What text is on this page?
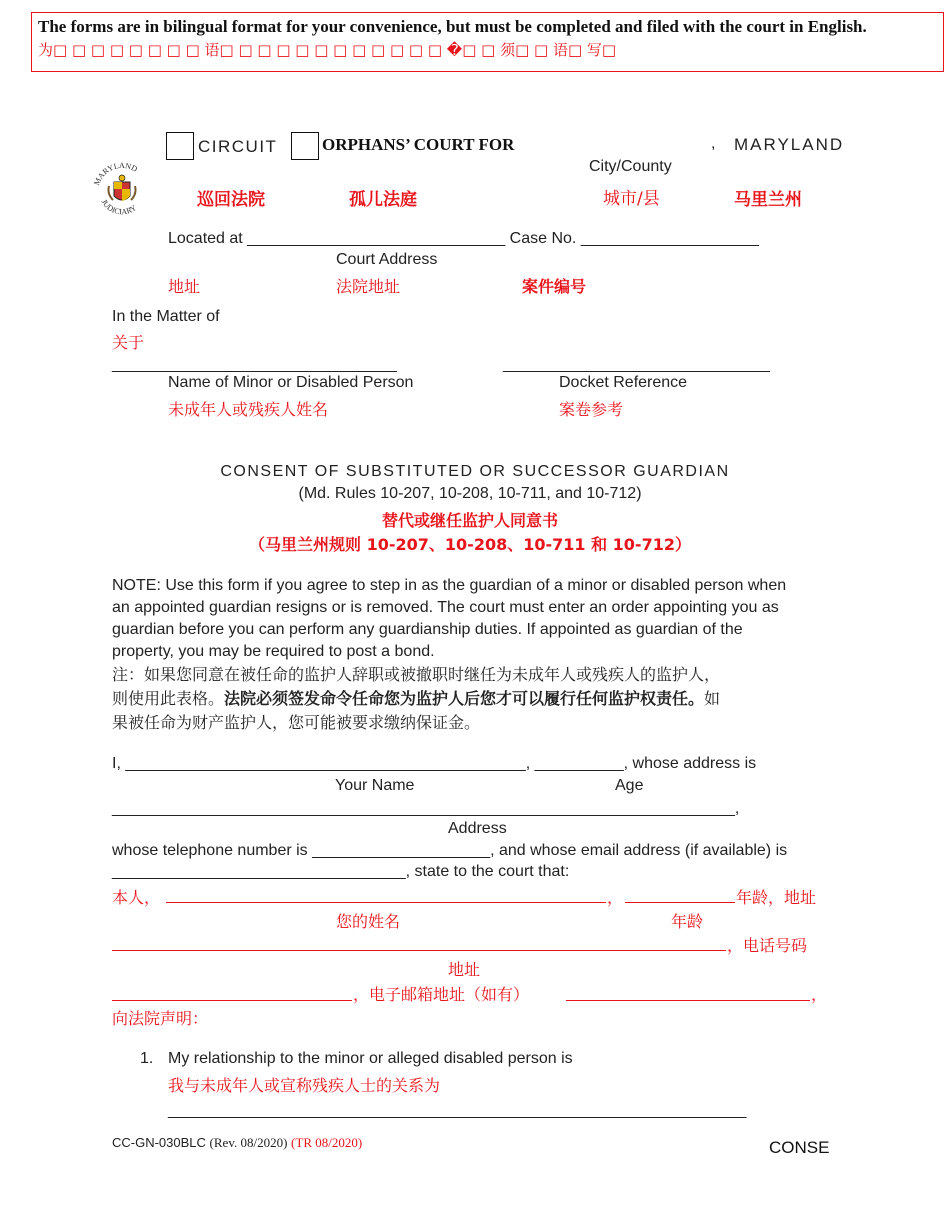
The forms are in bilingual format for your convenience, but must be completed and filed with the court in English.
为□ □ □ □ □ □ □ □ 语□ □ □ □ □ □ □ □ □ □ □ □ �□ □ 须□ □ 语□ 写□
MARYLAND
JUDICIARY
CIRCUIT	ORPHANS’ COURT FOR	, MARYLAND
City/County
巡回法院	孤儿法庭	城市/县	马里兰州
Located at _____________________________ Case No. ____________________
Court Address
地址	法院地址	案件编号
In the Matter of
关于
________________________________	______________________________
Name of Minor or Disabled Person	Docket Reference
未成年人或残疾人姓名	案卷参考
CONSENT OF SUBSTITUTED OR SUCCESSOR GUARDIAN
(Md. Rules 10-207, 10-208, 10-711, and 10-712)
替代或继任监护人同意书
（马里兰州规则 10-207、10-208、10-711 和 10-712）
NOTE: Use this form if you agree to step in as the guardian of a minor or disabled person when
an appointed guardian resigns or is removed. The court must enter an order appointing you as
guardian before you can perform any guardianship duties. If appointed as guardian of the
property, you may be required to post a bond.
注：如果您同意在被任命的监护人辞职或被撤职时继任为未成年人或残疾人的监护人，
则使用此表格。法院必须签发命令任命您为监护人后您才可以履行任何监护权责任。如
果被任命为财产监护人，您可能被要求缴纳保证金。
I, _____________________________________________, __________, whose address is
Your Name	Age
______________________________________________________________________,
Address
whose telephone number is ____________________, and whose email address (if available) is
_________________________________, state to the court that:
本人，	，	年龄，地址
您的姓名	年龄
，电话号码
地址
，电子邮箱地址（如有）	，
向法院声明：
1. My relationship to the minor or alleged disabled person is
我与未成年人或宣称残疾人士的关系为
_________________________________________________________________
CC-GN-030BLC (Rev. 08/2020) (TR 08/2020)	CONSE
